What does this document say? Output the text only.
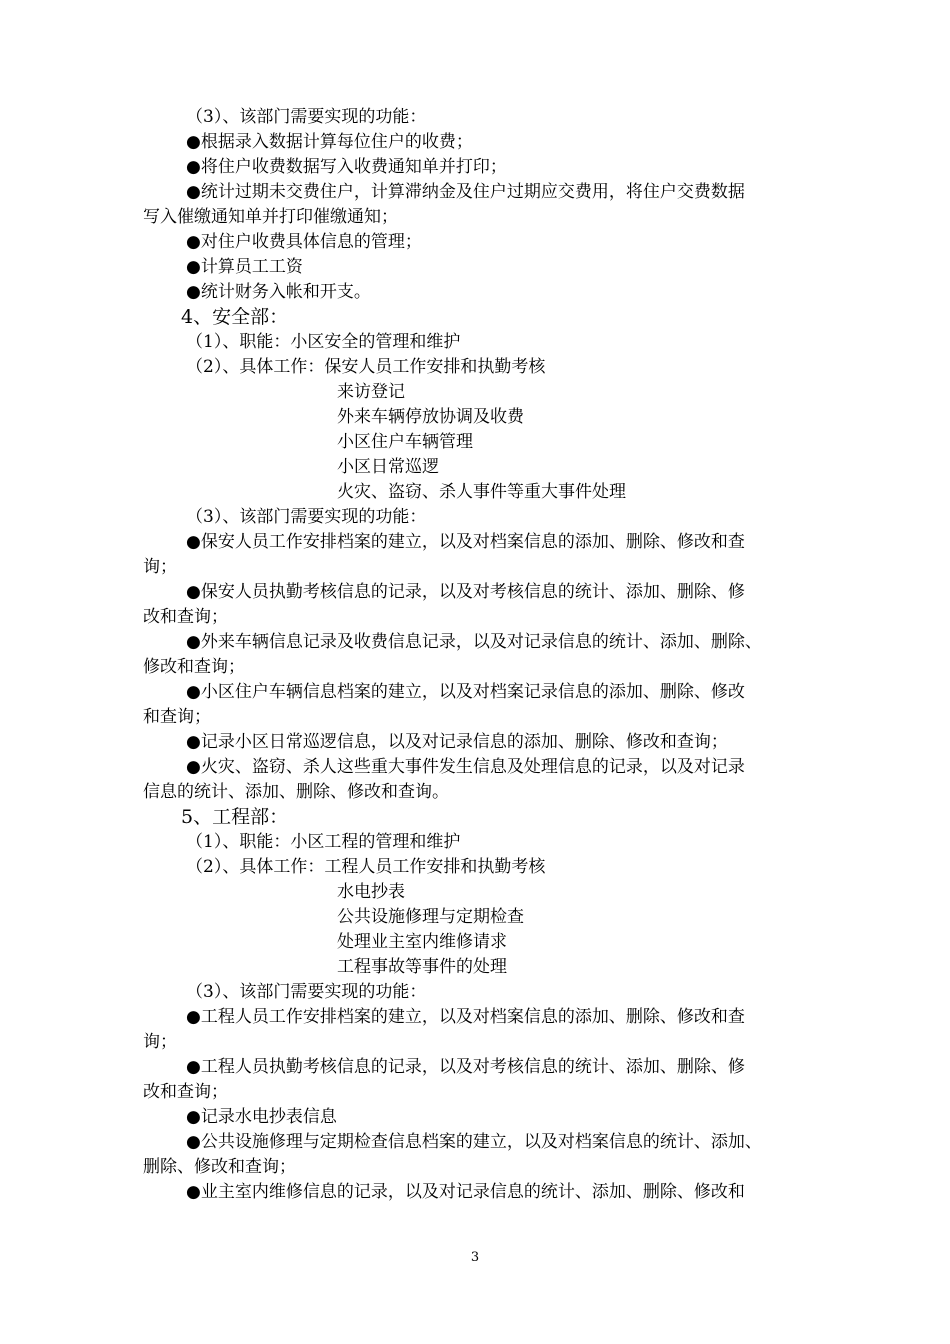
（3）、该部门需要实现的功能：
●根据录入数据计算每位住户的收费；
●将住户收费数据写入收费通知单并打印；
●统计过期未交费住户，计算滞纳金及住户过期应交费用，将住户交费数据
写入催缴通知单并打印催缴通知；
●对住户收费具体信息的管理；
●计算员工工资
●统计财务入帐和开支。
4、安全部：
（1）、职能：小区安全的管理和维护
（2）、具体工作：保安人员工作安排和执勤考核
来访登记
外来车辆停放协调及收费
小区住户车辆管理
小区日常巡逻
火灾、盗窃、杀人事件等重大事件处理
（3）、该部门需要实现的功能：
●保安人员工作安排档案的建立，以及对档案信息的添加、删除、修改和查
询；
●保安人员执勤考核信息的记录，以及对考核信息的统计、添加、删除、修
改和查询；
●外来车辆信息记录及收费信息记录，以及对记录信息的统计、添加、删除、
修改和查询；
●小区住户车辆信息档案的建立，以及对档案记录信息的添加、删除、修改
和查询；
●记录小区日常巡逻信息，以及对记录信息的添加、删除、修改和查询；
●火灾、盗窃、杀人这些重大事件发生信息及处理信息的记录，以及对记录
信息的统计、添加、删除、修改和查询。
5、工程部：
（1）、职能：小区工程的管理和维护
（2）、具体工作：工程人员工作安排和执勤考核
水电抄表
公共设施修理与定期检查
处理业主室内维修请求
工程事故等事件的处理
（3）、该部门需要实现的功能：
●工程人员工作安排档案的建立，以及对档案信息的添加、删除、修改和查
询；
●工程人员执勤考核信息的记录，以及对考核信息的统计、添加、删除、修
改和查询；
●记录水电抄表信息
●公共设施修理与定期检查信息档案的建立，以及对档案信息的统计、添加、
删除、修改和查询；
●业主室内维修信息的记录，以及对记录信息的统计、添加、删除、修改和
3
